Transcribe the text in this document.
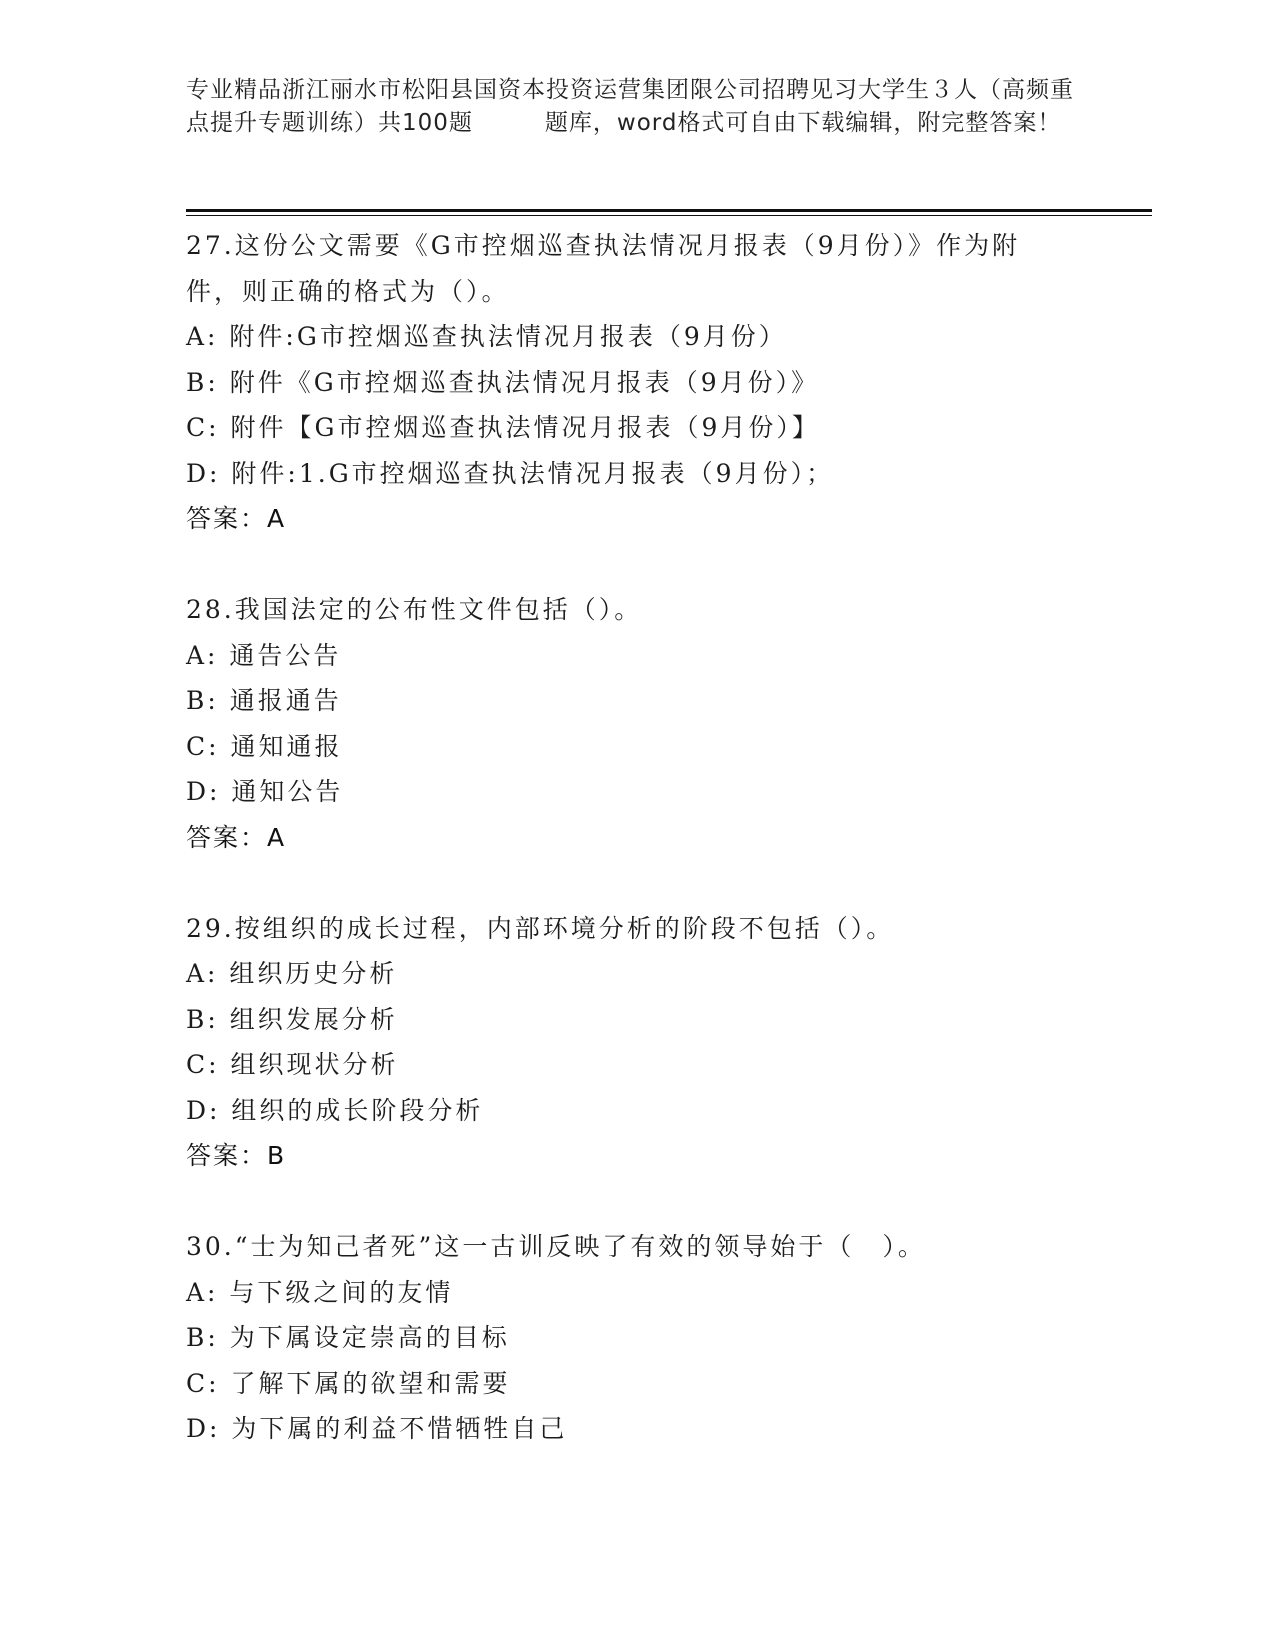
专业精品浙江丽水市松阳县国资本投资运营集团限公司招聘见习大学生３人（高频重点提升专题训练）共100题　　　题库，word格式可自由下载编辑，附完整答案！
27.这份公文需要《G市控烟巡查执法情况月报表（9月份）》作为附
件，则正确的格式为（）。
A: 附件:G市控烟巡查执法情况月报表（9月份）
B: 附件《G市控烟巡查执法情况月报表（9月份）》
C: 附件【G市控烟巡查执法情况月报表（9月份）】
D: 附件:1.G市控烟巡查执法情况月报表（9月份）；
答案：A
28.我国法定的公布性文件包括（）。
A: 通告公告
B: 通报通告
C: 通知通报
D: 通知公告
答案：A
29.按组织的成长过程，内部环境分析的阶段不包括（）。
A: 组织历史分析
B: 组织发展分析
C: 组织现状分析
D: 组织的成长阶段分析
答案：B
30.“士为知己者死”这一古训反映了有效的领导始于（　）。
A: 与下级之间的友情
B: 为下属设定崇高的目标
C: 了解下属的欲望和需要
D: 为下属的利益不惜牺牲自己
